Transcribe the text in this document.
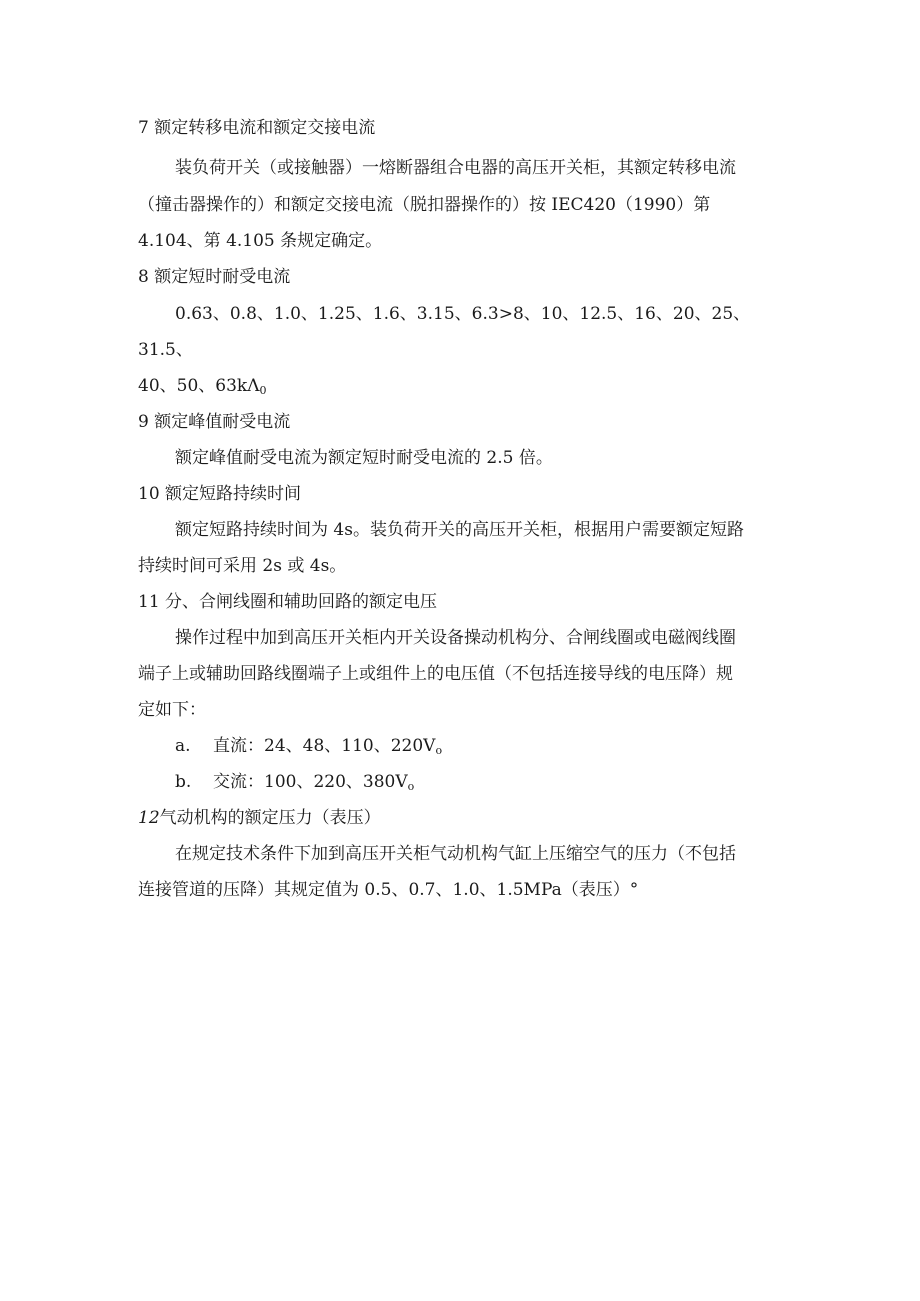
7 额定转移电流和额定交接电流
装负荷开关（或接触器）一熔断器组合电器的高压开关柜，其额定转移电流
（撞击器操作的）和额定交接电流（脱扣器操作的）按 IEC420（1990）第
4.104、第 4.105 条规定确定。
8 额定短时耐受电流
0.63、0.8、1.0、1.25、1.6、3.15、6.3>8、10、12.5、16、20、25、
31.5、
40、50、$63k\Lambda_0$
9 额定峰值耐受电流
额定峰值耐受电流为额定短时耐受电流的 2.5 倍。
10 额定短路持续时间
额定短路持续时间为 4s。装负荷开关的高压开关柜，根据用户需要额定短路
持续时间可采用 2s 或 4s。
11 分、合闸线圈和辅助回路的额定电压
操作过程中加到高压开关柜内开关设备操动机构分、合闸线圈或电磁阀线圈
端子上或辅助回路线圈端子上或组件上的电压值（不包括连接导线的电压降）规
定如下：
a. 直流：24、48、110、$220V_o$
b. 交流：100、220、$380V_o$
12气动机构的额定压力（表压）
在规定技术条件下加到高压开关柜气动机构气缸上压缩空气的压力（不包括
连接管道的压降）其规定值为 0.5、0.7、1.0、1.5MPa（表压）°
